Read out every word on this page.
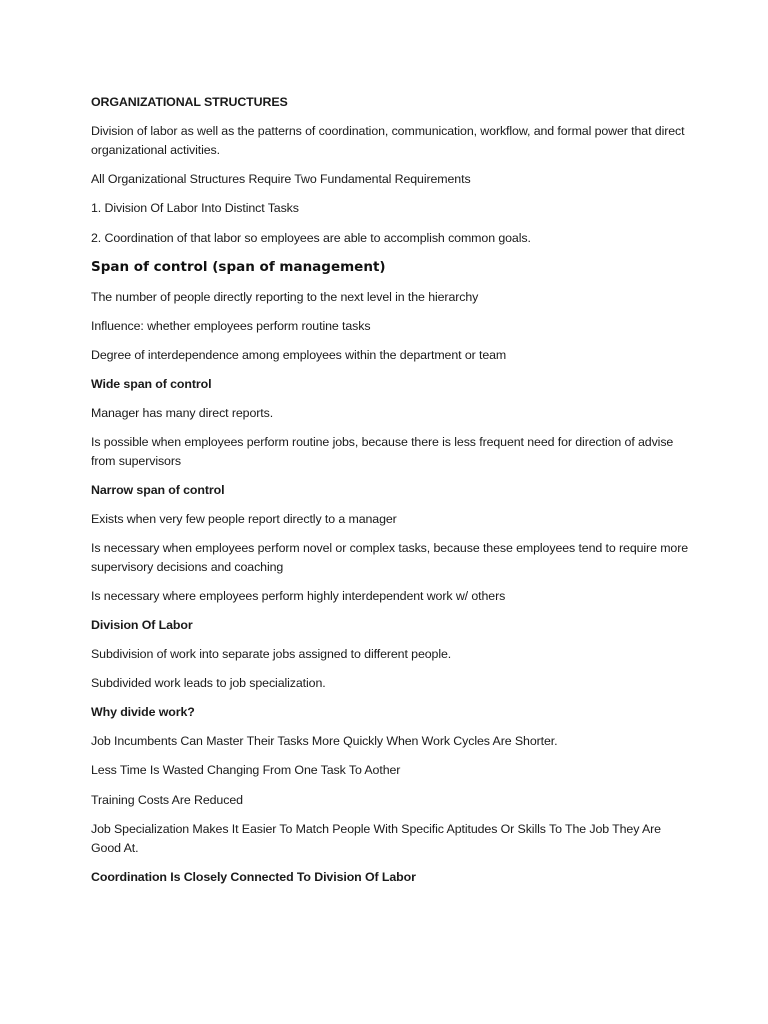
ORGANIZATIONAL STRUCTURES

Division of labor as well as the patterns of coordination, communication, workflow, and formal power that direct organizational activities.

All Organizational Structures Require Two Fundamental Requirements

1. Division Of Labor Into Distinct Tasks

2. Coordination of that labor so employees are able to accomplish common goals.

Span of control (span of management)

The number of people directly reporting to the next level in the hierarchy

Influence: whether employees perform routine tasks

Degree of interdependence among employees within the department or team

Wide span of control

Manager has many direct reports.

Is possible when employees perform routine jobs, because there is less frequent need for direction of advise from supervisors

Narrow span of control

Exists when very few people report directly to a manager

Is necessary when employees perform novel or complex tasks, because these employees tend to require more supervisory decisions and coaching

Is necessary where employees perform highly interdependent work w/ others

Division Of Labor

Subdivision of work into separate jobs assigned to different people.

Subdivided work leads to job specialization.

Why divide work?

Job Incumbents Can Master Their Tasks More Quickly When Work Cycles Are Shorter.

Less Time Is Wasted Changing From One Task To Aother

Training Costs Are Reduced

Job Specialization Makes It Easier To Match People With Specific Aptitudes Or Skills To The Job They Are Good At.

Coordination Is Closely Connected To Division Of Labor
